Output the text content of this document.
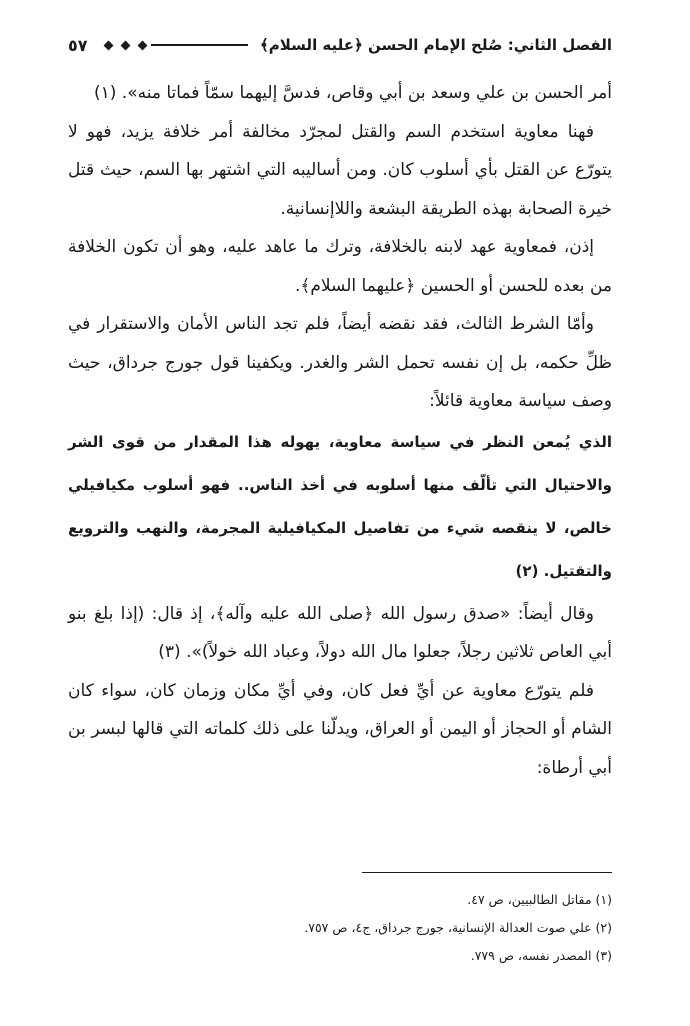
الفصل الثاني: صُلح الإمام الحسن ﴿عليه السلام﴾
٥٧

أمر الحسن بن علي وسعد بن أبي وقاص، فدسَّ إليهما سمّاً فماتا منه». (١)

فهنا معاوية استخدم السم والقتل لمجرّد مخالفة أمر خلافة يزيد، فهو لا يتورّع عن القتل بأي أسلوب كان. ومن أساليبه التي اشتهر بها السم، حيث قتل خيرة الصحابة بهذه الطريقة البشعة واللاإنسانية.

إذن، فمعاوية عهد لابنه بالخلافة، وترك ما عاهد عليه، وهو أن تكون الخلافة من بعده للحسن أو الحسين ﴿عليهما السلام﴾.

وأمّا الشرط الثالث، فقد نقضه أيضاً، فلم تجد الناس الأمان والاستقرار في ظلِّ حكمه، بل إن نفسه تحمل الشر والغدر. ويكفينا قول جورج جرداق، حيث وصف سياسة معاوية قائلاً:

الذي يُمعن النظر في سياسة معاوية، يهوله هذا المقدار من قوى الشر والاحتيال التي تألّف منها أسلوبه في أخذ الناس.. فهو أسلوب مكيافيلي خالص، لا ينقصه شيء من تفاصيل المكيافيلية المجرمة، والنهب والترويع والتقتيل. (٢)

وقال أيضاً: «صدق رسول الله ﴿صلى الله عليه وآله﴾، إذ قال: (إذا بلغ بنو أبي العاص ثلاثين رجلاً، جعلوا مال الله دولاً، وعباد الله خولاً)». (٣)

فلم يتورّع معاوية عن أيِّ فعل كان، وفي أيِّ مكان وزمان كان، سواء كان الشام أو الحجاز أو اليمن أو العراق، ويدلّنا على ذلك كلماته التي قالها لبسر بن أبي أرطاة:

(١) مقاتل الطالبيين، ص ٤٧.

(٢) علي صوت العدالة الإنسانية، جورج جرداق، ج٤، ص ٧٥٧.

(٣) المصدر نفسه، ص ٧٧٩.
